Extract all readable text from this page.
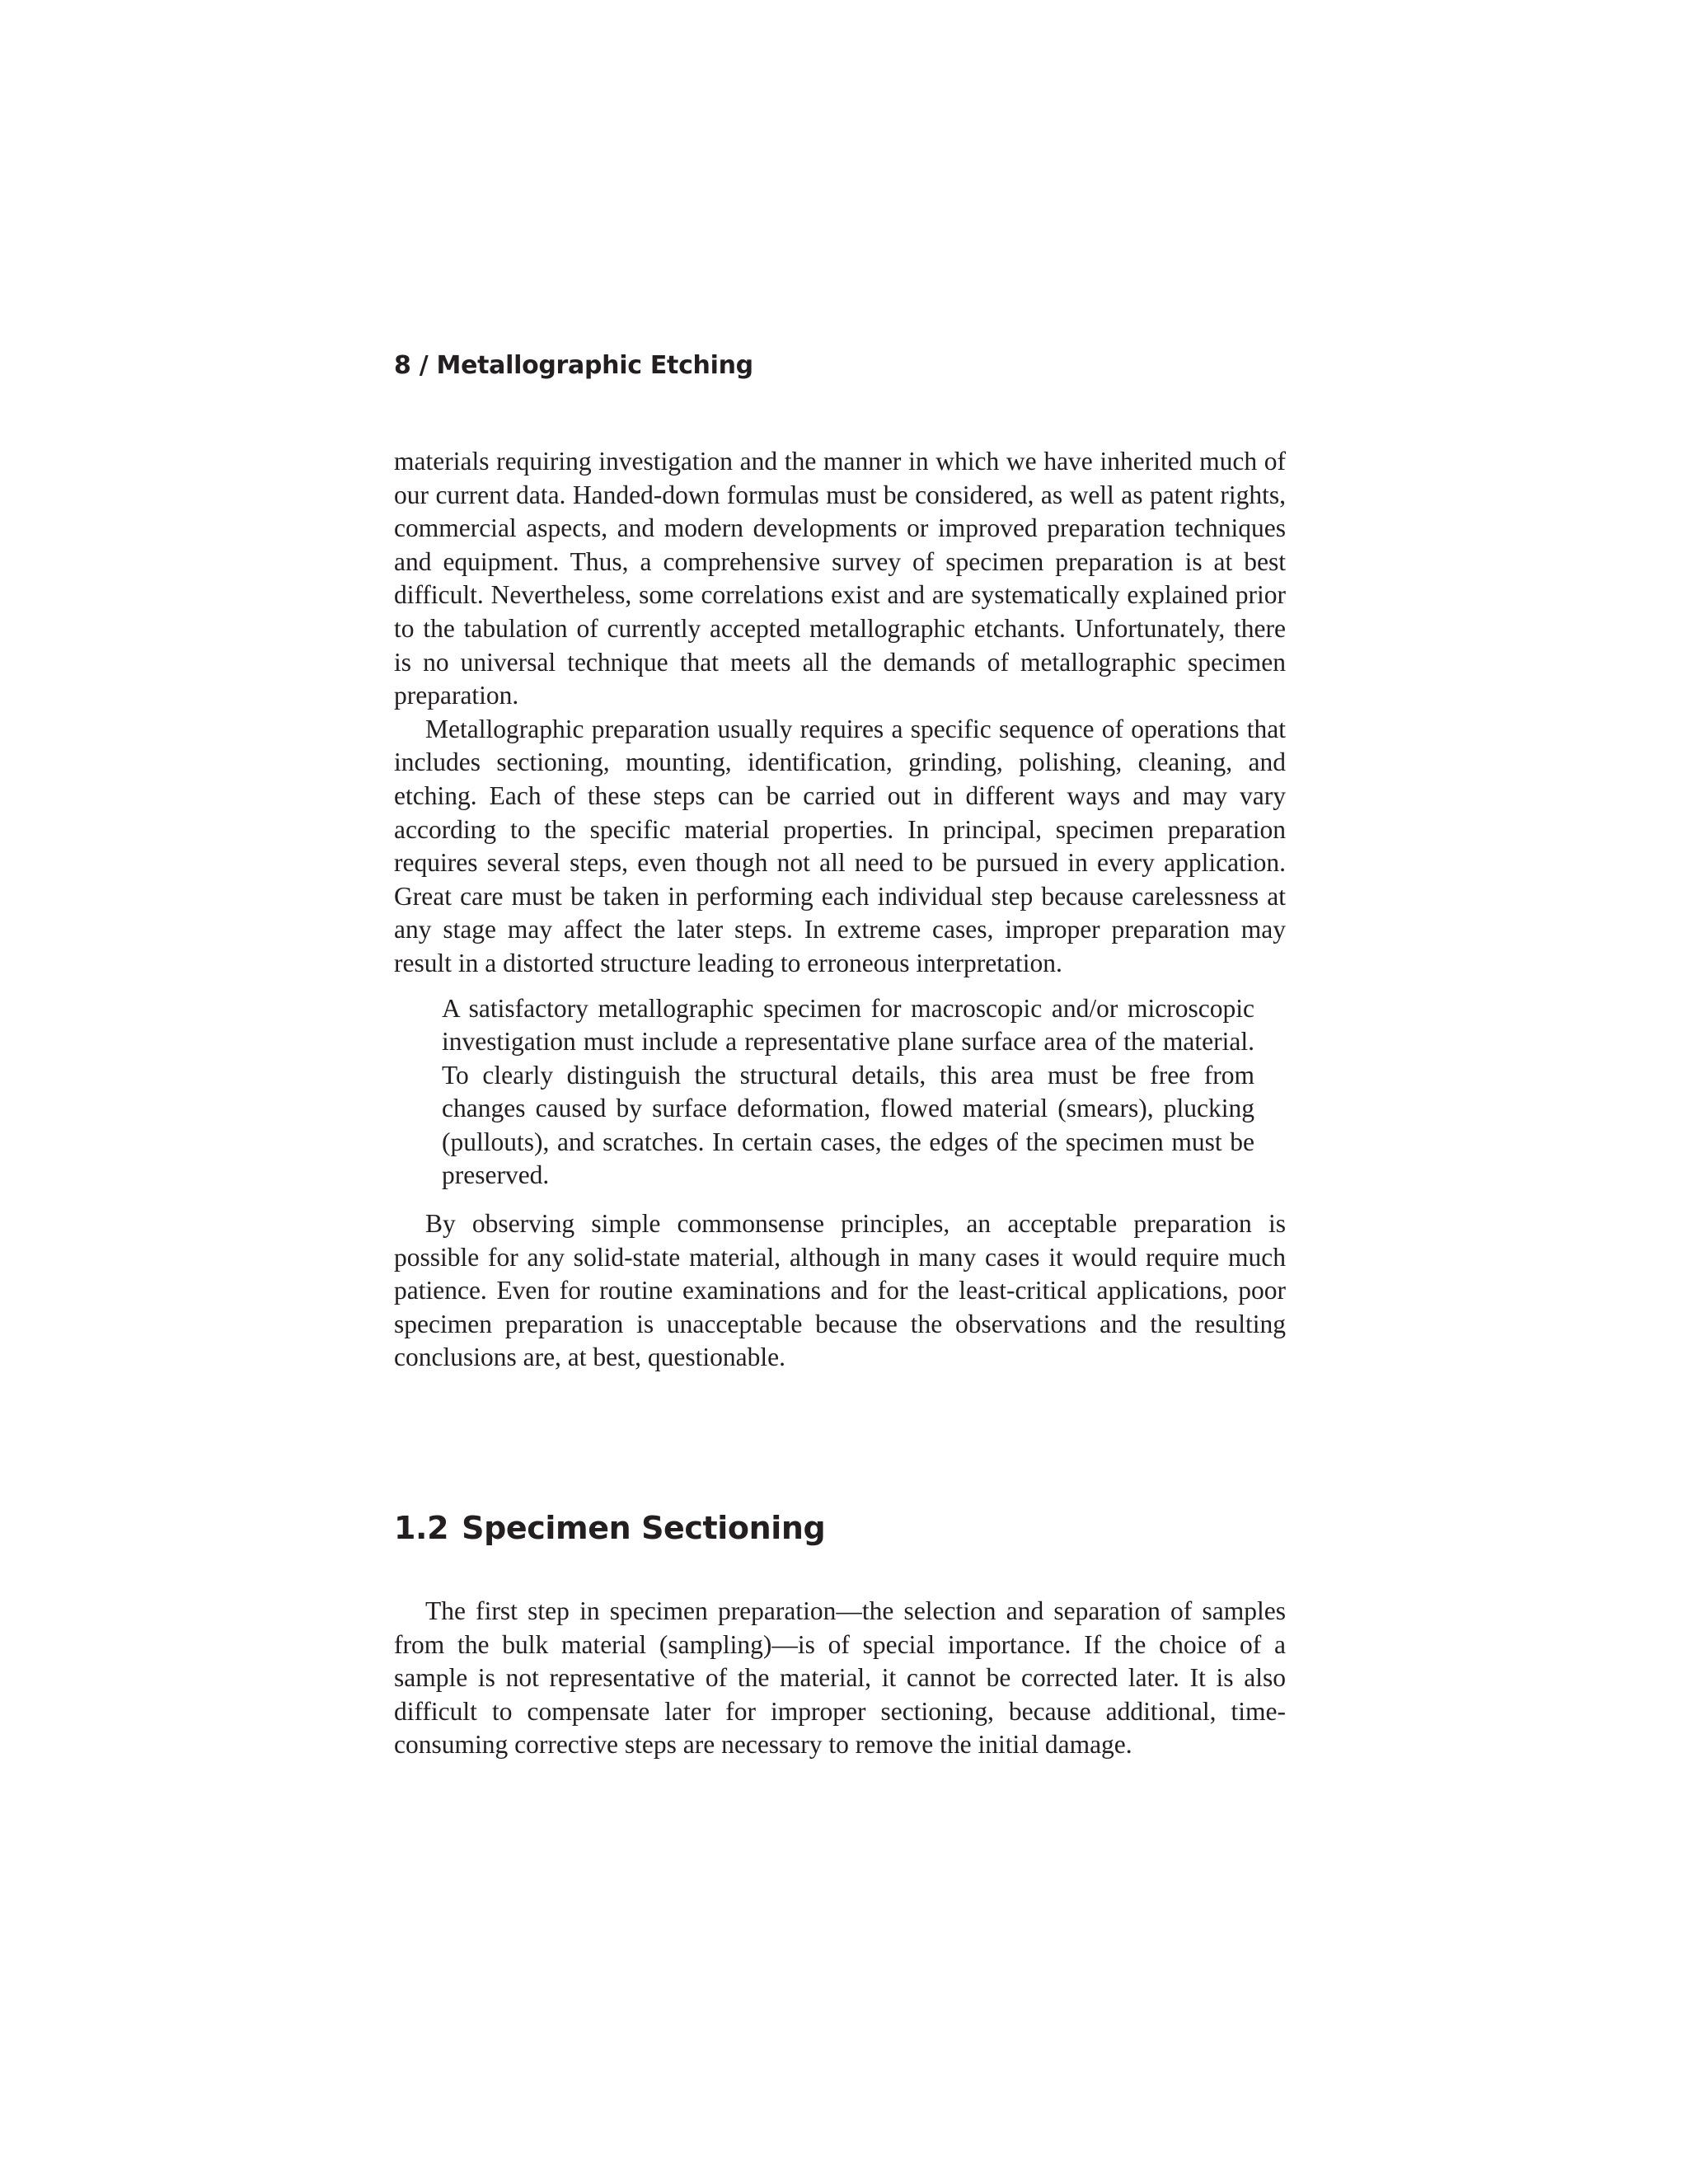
8 / Metallographic Etching

materials requiring investigation and the manner in which we have inherited much of our current data. Handed-down formulas must be considered, as well as patent rights, commercial aspects, and modern developments or improved preparation techniques and equipment. Thus, a comprehensive survey of specimen preparation is at best difficult. Nevertheless, some correlations exist and are systematically explained prior to the tabulation of currently accepted metallographic etchants. Unfortunately, there is no universal technique that meets all the demands of metallographic specimen preparation.

Metallographic preparation usually requires a specific sequence of operations that includes sectioning, mounting, identification, grinding, polishing, cleaning, and etching. Each of these steps can be carried out in different ways and may vary according to the specific material properties. In principal, specimen preparation requires several steps, even though not all need to be pursued in every application. Great care must be taken in performing each individual step because carelessness at any stage may affect the later steps. In extreme cases, improper preparation may result in a distorted structure leading to erroneous interpretation.

A satisfactory metallographic specimen for macroscopic and/or microscopic investigation must include a representative plane surface area of the material. To clearly distinguish the structural details, this area must be free from changes caused by surface deformation, flowed material (smears), plucking (pullouts), and scratches. In certain cases, the edges of the specimen must be preserved.

By observing simple commonsense principles, an acceptable preparation is possible for any solid-state material, although in many cases it would require much patience. Even for routine examinations and for the least-critical applications, poor specimen preparation is unacceptable because the observations and the resulting conclusions are, at best, questionable.

1.2 Specimen Sectioning

The first step in specimen preparation—the selection and separation of samples from the bulk material (sampling)—is of special importance. If the choice of a sample is not representative of the material, it cannot be corrected later. It is also difficult to compensate later for improper sectioning, because additional, time-consuming corrective steps are necessary to remove the initial damage.
